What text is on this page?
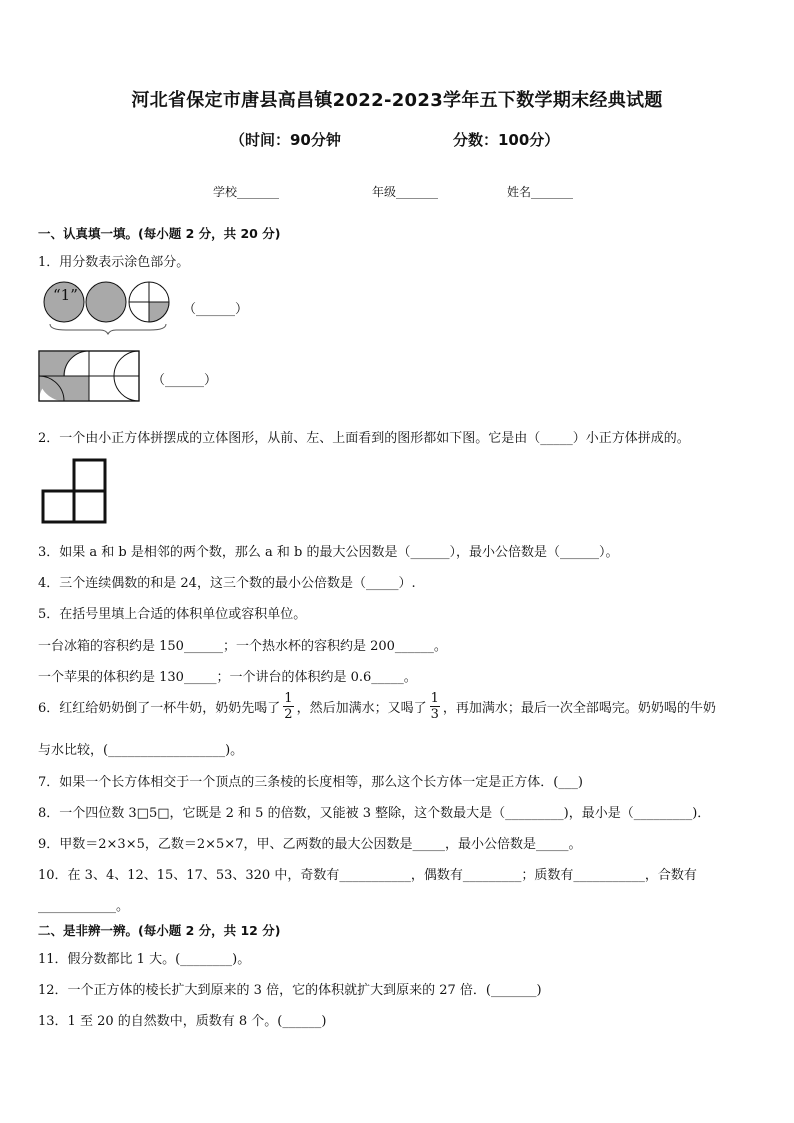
河北省保定市唐县高昌镇2022-2023学年五下数学期末经典试题
（时间：90分钟	分数：100分）
学校_______	年级_______	姓名_______
一、认真填一填。(每小题 2 分，共 20 分)
1．用分数表示涂色部分。
“1”
（______）
（______）
2．一个由小正方体拼摆成的立体图形，从前、左、上面看到的图形都如下图。它是由（_____）小正方体拼成的。
3．如果 a 和 b 是相邻的两个数，那么 a 和 b 的最大公因数是（______），最小公倍数是（______）。
4．三个连续偶数的和是 24，这三个数的最小公倍数是（_____）.
5．在括号里填上合适的体积单位或容积单位。
一台冰箱的容积约是 150______；一个热水杯的容积约是 200______。
一个苹果的体积约是 130_____；一个讲台的体积约是 0.6_____。
6．红红给奶奶倒了一杯牛奶，奶奶先喝了 $\frac{1}{2}$ ，然后加满水；又喝了 $\frac{1}{3}$ ，再加满水；最后一次全部喝完。奶奶喝的牛奶
与水比较，(__________________)。
7．如果一个长方体相交于一个顶点的三条棱的长度相等，那么这个长方体一定是正方体．(___)
8．一个四位数 3□5□，它既是 2 和 5 的倍数，又能被 3 整除，这个数最大是（_________)，最小是（_________)．
9．甲数＝2×3×5，乙数＝2×5×7，甲、乙两数的最大公因数是_____，最小公倍数是_____。
10．在 3、4、12、15、17、53、320 中，奇数有___________，偶数有_________；质数有___________，合数有
____________。
二、是非辨一辨。(每小题 2 分，共 12 分)
11．假分数都比 1 大。(________)。
12．一个正方体的棱长扩大到原来的 3 倍，它的体积就扩大到原来的 27 倍．(_______)
13．1 至 20 的自然数中，质数有 8 个。(______)
